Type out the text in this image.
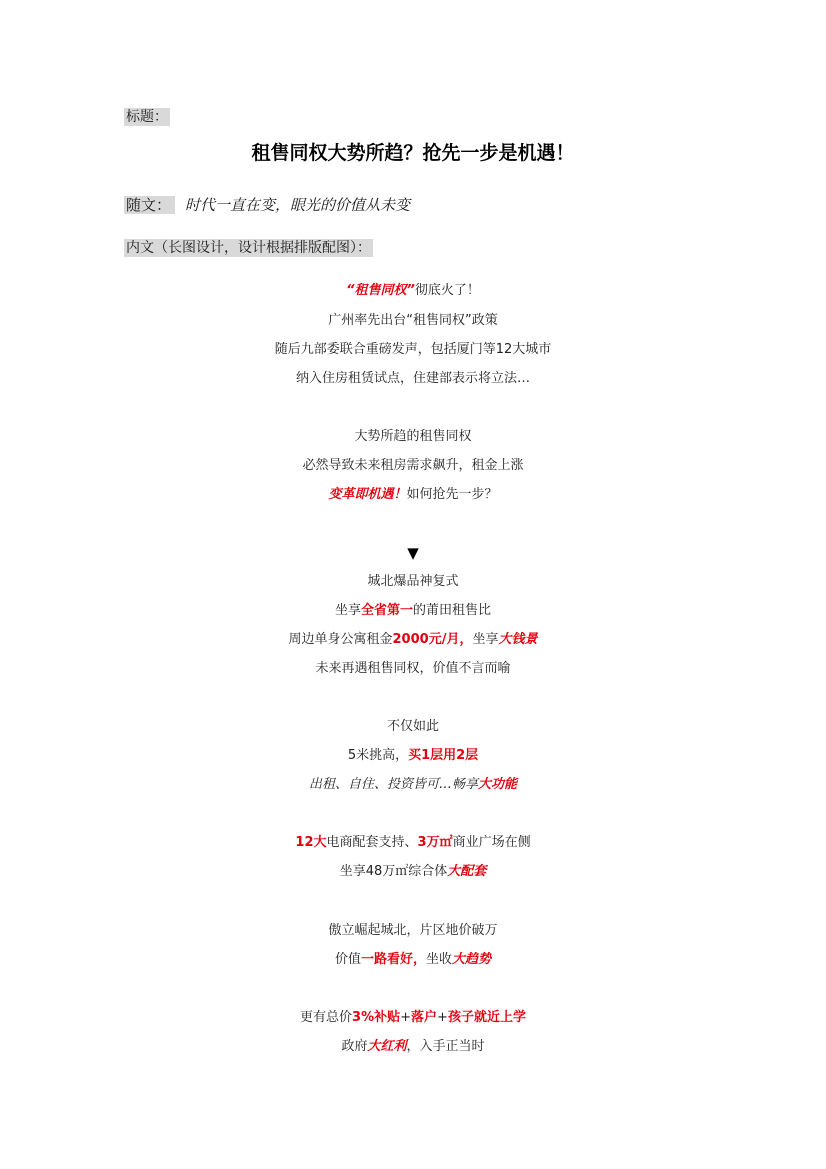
标题：
租售同权大势所趋？抢先一步是机遇！
随文： 时代一直在变，眼光的价值从未变
内文（长图设计，设计根据排版配图）：
“租售同权”彻底火了！
广州率先出台“租售同权”政策
随后九部委联合重磅发声，包括厦门等12大城市
纳入住房租赁试点，住建部表示将立法…
大势所趋的租售同权
必然导致未来租房需求飙升，租金上涨
变革即机遇！如何抢先一步？
▼
城北爆品神复式
坐享全省第一的莆田租售比
周边单身公寓租金2000元/月，坐享大钱景
未来再遇租售同权，价值不言而喻
不仅如此
5米挑高，买1层用2层
出租、自住、投资皆可…畅享大功能
12大电商配套支持、3万㎡商业广场在侧
坐享48万㎡综合体大配套
傲立崛起城北，片区地价破万
价值一路看好，坐收大趋势
更有总价3%补贴+落户+孩子就近上学
政府大红利，入手正当时
